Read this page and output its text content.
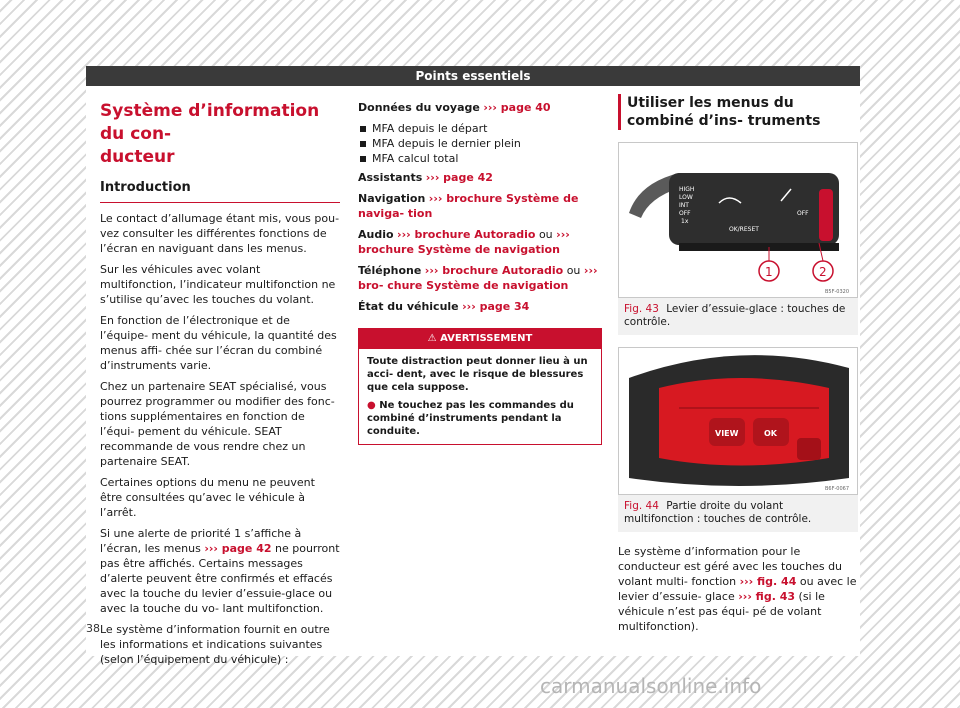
Points essentiels
Système d’information du con-
ducteur
Introduction

Le contact d’allumage étant mis, vous pou- vez consulter les différentes fonctions de l’écran en naviguant dans les menus.

Sur les véhicules avec volant multifonction, l’indicateur multifonction ne s’utilise qu’avec les touches du volant.

En fonction de l’électronique et de l’équipe- ment du véhicule, la quantité des menus affi- chée sur l’écran du combiné d’instruments varie.

Chez un partenaire SEAT spécialisé, vous pourrez programmer ou modifier des fonc- tions supplémentaires en fonction de l’équi- pement du véhicule. SEAT recommande de vous rendre chez un partenaire SEAT.

Certaines options du menu ne peuvent être consultées qu’avec le véhicule à l’arrêt.

Si une alerte de priorité 1 s’affiche à l’écran, les menus ››› page 42 ne pourront pas être affichés. Certains messages d’alerte peuvent être confirmés et effacés avec la touche du levier d’essuie-glace ou avec la touche du vo- lant multifonction.

Le système d’information fournit en outre les informations et indications suivantes (selon l’équipement du véhicule) :

38

Données du voyage ››› page 40

MFA depuis le départ
MFA depuis le dernier plein
MFA calcul total

Assistants ››› page 42

Navigation ››› brochure Système de naviga- tion

Audio ››› brochure Autoradio ou ››› brochure Système de navigation

Téléphone ››› brochure Autoradio ou ››› bro- chure Système de navigation

État du véhicule ››› page 34

⚠ AVERTISSEMENT
Toute distraction peut donner lieu à un acci- dent, avec le risque de blessures que cela suppose.
● Ne touchez pas les commandes du combiné d’instruments pendant la conduite.
Utiliser les menus du combiné d’ins- truments
HIGH
LOW
INT
OFF
1x
OK/RESET
OFF
1	2
B5F-0320
Fig. 43 Levier d’essuie-glace : touches de contrôle.
VIEW	OK
B6F-0067
Fig. 44 Partie droite du volant multifonction : touches de contrôle.

Le système d’information pour le conducteur est géré avec les touches du volant multi- fonction ››› fig. 44 ou avec le levier d’essuie- glace ››› fig. 43 (si le véhicule n’est pas équi- pé de volant multifonction).

carmanualsonline.info
